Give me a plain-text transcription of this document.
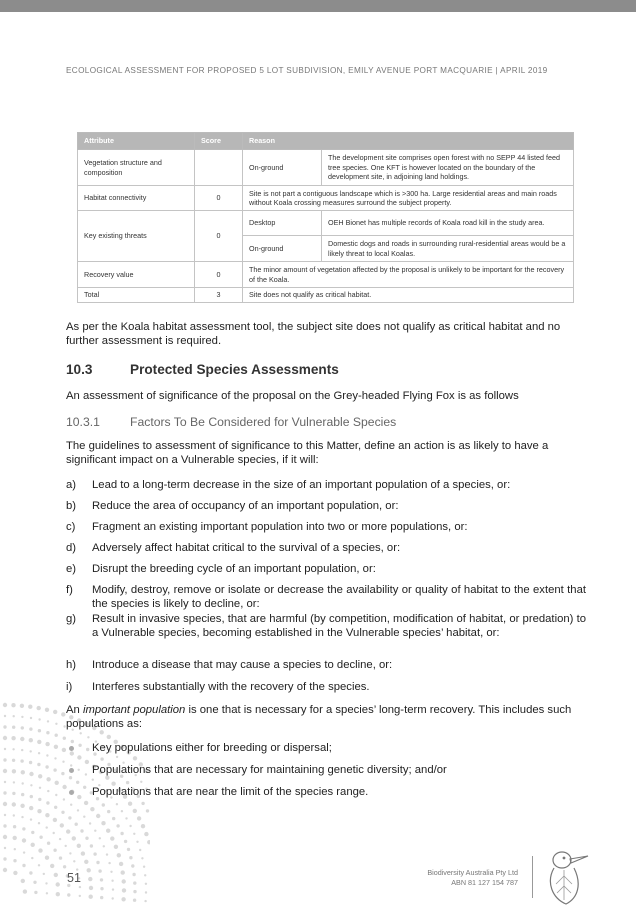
ECOLOGICAL ASSESSMENT FOR PROPOSED 5 LOT SUBDIVISION, EMILY AVENUE PORT MACQUARIE | APRIL 2019
Attribute	Score	Reason	
Vegetation structure and composition		On-ground	The development site comprises open forest with no SEPP 44 listed feed tree species. One KFT is however located on the boundary of the development site, in adjoining land holdings.
Habitat connectivity	0	Site is not part a contiguous landscape which is >300 ha. Large residential areas and main roads without Koala crossing measures surround the subject property.	
Key existing threats	0	Desktop	OEH Bionet has multiple records of Koala road kill in the study area.
		On-ground	Domestic dogs and roads in surrounding rural-residential areas would be a likely threat to local Koalas.
Recovery value	0	The minor amount of vegetation affected by the proposal is unlikely to be important for the recovery of the Koala.	
Total	3	Site does not qualify as critical habitat.	
As per the Koala habitat assessment tool, the subject site does not qualify as critical habitat and no further assessment is required.
10.3	Protected Species Assessments
An assessment of significance of the proposal on the Grey-headed Flying Fox is as follows
10.3.1 Factors To Be Considered for Vulnerable Species
The guidelines to assessment of significance to this Matter, define an action is as likely to have a significant impact on a Vulnerable species, if it will:
a) Lead to a long-term decrease in the size of an important population of a species, or:
b) Reduce the area of occupancy of an important population, or:
c) Fragment an existing important population into two or more populations, or:
d) Adversely affect habitat critical to the survival of a species, or:
e) Disrupt the breeding cycle of an important population, or:
f) Modify, destroy, remove or isolate or decrease the availability or quality of habitat to the extent that the species is likely to decline, or:
g) Result in invasive species, that are harmful (by competition, modification of habitat, or predation) to a Vulnerable species, becoming established in the Vulnerable species’ habitat, or:
h) Introduce a disease that may cause a species to decline, or:
i) Interferes substantially with the recovery of the species.
An important population is one that is necessary for a species’ long-term recovery. This includes such populations as:
Key populations either for breeding or dispersal;
Populations that are necessary for maintaining genetic diversity; and/or
Populations that are near the limit of the species range.
51	Biodiversity Australia Pty Ltd
ABN 81 127 154 787
